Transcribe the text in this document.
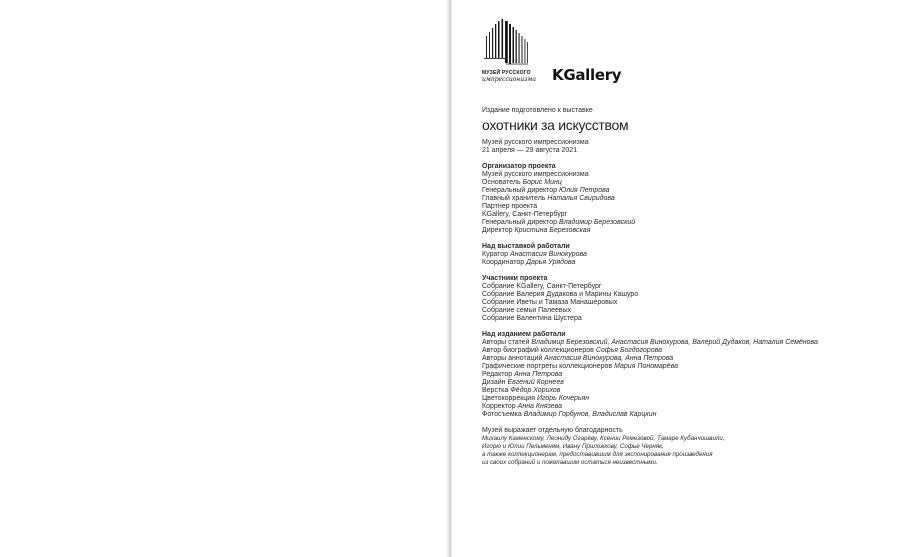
МУЗЕЙ РУССКОГО
импрессионизма KGallery
Издание подготовлено к выставке
охотники за искусством
Музей русского импрессионизма
21 апреля — 29 августа 2021
Организатор проекта
Музей русского импрессионизма
Основатель Борис Минц
Генеральный директор Юлия Петрова
Главный хранитель Наталья Свиридова
Партнер проекта
KGallery, Санкт-Петербург
Генеральный директор Владимир Березовский
Директор Кристина Березовская
Над выставкой работали
Куратор Анастасия Винокурова
Координатор Дарья Урядова
Участники проекта
Собрание KGallery, Санкт-Петербург
Собрание Валерия Дудакова и Марины Кашуро
Собрание Иветы и Тамаза Манашеровых
Собрание семьи Палеевых
Собрание Валентина Шустера
Над изданием работали
Авторы статей Владимир Березовский, Анастасия Винокурова, Валерий Дудаков, Наталия Семёнова
Автор биографий коллекционеров Софья Богдогорова
Авторы аннотаций Анастасия Винокурова, Анна Петрова
Графические портреты коллекционеров Мария Пономарёва
Редактор Анна Петрова
Дизайн Евгений Корнеев
Верстка Фёдор Хорихов
Цветокоррекция Игорь Кочерьян
Корректор Анна Князева
Фотосъемка Владимир Горбунов, Владислав Карцкин
Музей выражает отдельную благодарность
Михаилу Каменскому, Леониду Огарёву, Ксении Ремезовой, Тамаре Кубанчишвили,
Игорю и Юлии Пельменям, Ивану Приложкову, Софье Черняк,
а также коллекционерам, предоставившим для экспонирования произведения
из своих собраний и пожелавшим остаться неизвестными.
